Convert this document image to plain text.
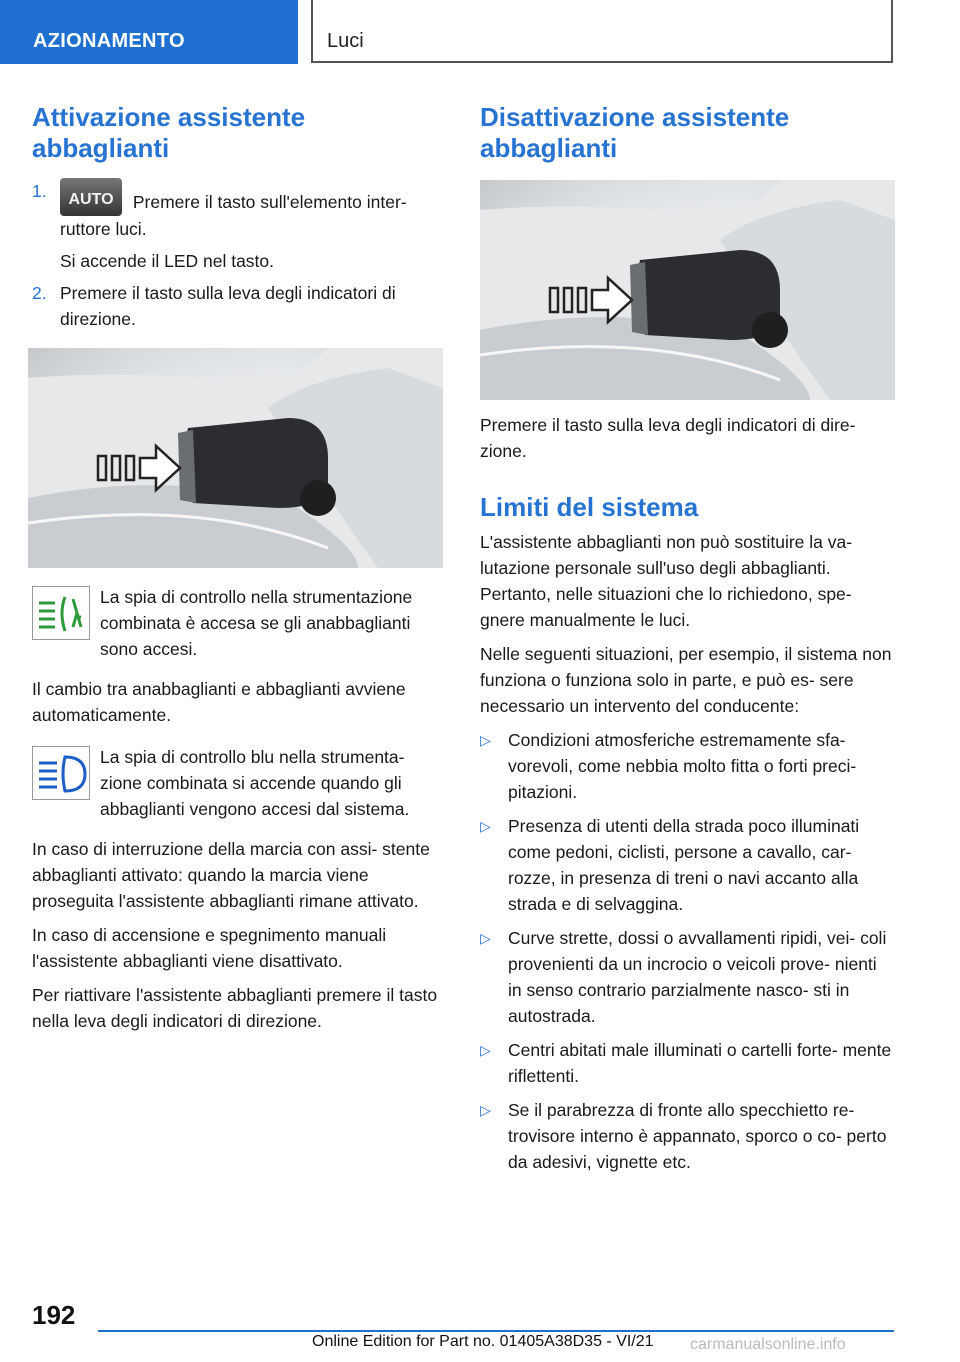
AZIONAMENTO	Luci
Attivazione assistente abbaglianti
1.	AUTO	Premere il tasto sull'elemento inter- ruttore luci.
Si accende il LED nel tasto.
2. Premere il tasto sulla leva degli indicatori di direzione.
La spia di controllo nella strumentazione combinata è accesa se gli anabbaglianti sono accesi.

Il cambio tra anabbaglianti e abbaglianti avviene automaticamente.

La spia di controllo blu nella strumenta- zione combinata si accende quando gli abbaglianti vengono accesi dal sistema.

In caso di interruzione della marcia con assi- stente abbaglianti attivato: quando la marcia viene proseguita l'assistente abbaglianti rimane attivato.

In caso di accensione e spegnimento manuali l'assistente abbaglianti viene disattivato.

Per riattivare l'assistente abbaglianti premere il tasto nella leva degli indicatori di direzione.

Disattivazione assistente abbaglianti

Premere il tasto sulla leva degli indicatori di dire- zione.

Limiti del sistema

L'assistente abbaglianti non può sostituire la va- lutazione personale sull'uso degli abbaglianti. Pertanto, nelle situazioni che lo richiedono, spe- gnere manualmente le luci.

Nelle seguenti situazioni, per esempio, il sistema non funziona o funziona solo in parte, e può es- sere necessario un intervento del conducente:

▷ Condizioni atmosferiche estremamente sfa- vorevoli, come nebbia molto fitta o forti preci- pitazioni.
▷ Presenza di utenti della strada poco illuminati come pedoni, ciclisti, persone a cavallo, car- rozze, in presenza di treni o navi accanto alla strada e di selvaggina.
▷ Curve strette, dossi o avvallamenti ripidi, vei- coli provenienti da un incrocio o veicoli prove- nienti in senso contrario parzialmente nasco- sti in autostrada.
▷ Centri abitati male illuminati o cartelli forte- mente riflettenti.
▷ Se il parabrezza di fronte allo specchietto re- trovisore interno è appannato, sporco o co- perto da adesivi, vignette etc.
192
Online Edition for Part no. 01405A38D35 - VI/21 carmanualsonline.info
